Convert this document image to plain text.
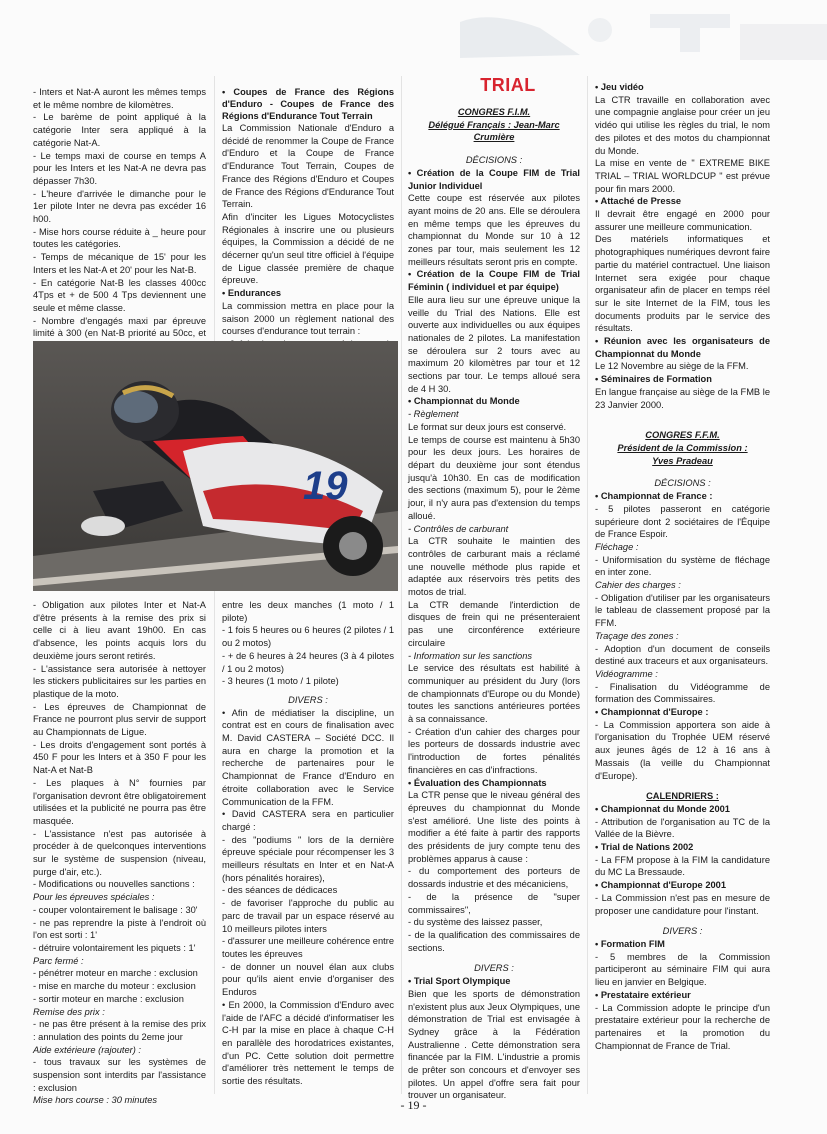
- Inters et Nat-A auront les mêmes temps et le même nombre de kilomètres.

- Le barème de point appliqué à la catégorie Inter sera appliqué à la catégorie Nat-A.

- Le temps maxi de course en temps A pour les Inters et les Nat-A ne devra pas dépasser 7h30.

- L'heure d'arrivée le dimanche pour le 1er pilote Inter ne devra pas excéder 16 h00.

- Mise hors course réduite à _ heure pour toutes les catégories.

- Temps de mécanique de 15' pour les Inters et les Nat-A et 20' pour les Nat-B.

- En catégorie Nat-B les classes 400cc 4Tps et + de 500 4 Tps deviennent une seule et même classe.

- Nombre d'engagés maxi par épreuve limité à 300 (en Nat-B priorité au 50cc, et

• Coupes de France des Régions d'Enduro - Coupes de France des Régions d'Endurance Tout Terrain

La Commission Nationale d'Enduro a décidé de renommer la Coupe de France d'Enduro et la Coupe de France d'Endurance Tout Terrain, Coupes de France des Régions d'Enduro et Coupes de France des Régions d'Endurance Tout Terrain.

Afin d'inciter les Ligues Motocyclistes Régionales à inscrire une ou plusieurs équipes, la Commission a décidé de ne décerner qu'un seul titre officiel à l'équipe de Ligue classée première de chaque épreuve.

• Endurances

La commission mettra en place pour la saison 2000 un règlement national des courses d'endurance tout terrain :

19

- Obligation aux pilotes Inter et Nat-A d'être présents à la remise des prix si celle ci à lieu avant 19h00. En cas d'absence, les points acquis lors du deuxième jours seront retirés.

- L'assistance sera autorisée à nettoyer les stickers publicitaires sur les parties en plastique de la moto.

- Les épreuves de Championnat de France ne pourront plus servir de support au Championnats de Ligue.

- Les droits d'engagement sont portés à 450 F pour les Inters et à 350 F pour les Nat-A et Nat-B

- Les plaques à N° fournies par l'organisation devront être obligatoirement utilisées et la publicité ne pourra pas être masquée.

- L'assistance n'est pas autorisée à procéder à de quelconques interventions sur le système de suspension (niveau, purge d'air, etc.).

- Modifications ou nouvelles sanctions :

Pour les épreuves spéciales :

- couper volontairement le balisage : 30'

- ne pas reprendre la piste à l'endroit où l'on est sorti : 1'

- détruire volontairement les piquets : 1'

Parc fermé :

- pénétrer moteur en marche : exclusion

- mise en marche du moteur : exclusion

- sortir moteur en marche : exclusion

Remise des prix :

- ne pas être présent à la remise des prix : annulation des points du 2eme jour

Aide extérieure (rajouter) :

- tous travaux sur les systèmes de suspension sont interdits par l'assistance : exclusion

Mise hors course : 30 minutes

entre les deux manches (1 moto / 1 pilote)

- 1 fois 5 heures ou 6 heures (2 pilotes / 1 ou 2 motos)

- + de 6 heures à 24 heures (3 à 4 pilotes / 1 ou 2 motos)

- 3 heures (1 moto / 1 pilote)

DIVERS :

• Afin de médiatiser la discipline, un contrat est en cours de finalisation avec M. David CASTERA – Société DCC. Il aura en charge la promotion et la recherche de partenaires pour le Championnat de France d'Enduro en étroite collaboration avec le Service Communication de la FFM.

• David CASTERA sera en particulier chargé :

- des "podiums " lors de la dernière épreuve spéciale pour récompenser les 3 meilleurs résultats en Inter et en Nat-A (hors pénalités horaires),

- des séances de dédicaces

- de favoriser l'approche du public au parc de travail par un espace réservé au 10 meilleurs pilotes inters

- d'assurer une meilleure cohérence entre toutes les épreuves

- de donner un nouvel élan aux clubs pour qu'ils aient envie d'organiser des Enduros

• En 2000, la Commission d'Enduro avec l'aide de l'AFC a décidé d'informatiser les C-H par la mise en place à chaque C-H en parallèle des horodatrices existantes, d'un PC. Cette solution doit permettre d'améliorer très nettement le temps de sortie des résultats.

TRIAL

CONGRES F.I.M.

Délégué Français : Jean-Marc Crumière

DÉCISIONS :

• Création de la Coupe FIM de Trial Junior Individuel

Cette coupe est réservée aux pilotes ayant moins de 20 ans. Elle se déroulera en même temps que les épreuves du championnat du Monde sur 10 à 12 zones par tour, mais seulement les 12 meilleurs résultats seront pris en compte.

• Création de la Coupe FIM de Trial Féminin ( individuel et par équipe)

Elle aura lieu sur une épreuve unique la veille du Trial des Nations. Elle est ouverte aux individuelles ou aux équipes nationales de 2 pilotes. La manifestation se déroulera sur 2 tours avec au maximum 20 kilomètres par tour et 12 sections par tour. Le temps alloué sera de 4 H 30.

• Championnat du Monde

- Règlement

Le format sur deux jours est conservé.

Le temps de course est maintenu à 5h30 pour les deux jours. Les horaires de départ du deuxième jour sont étendus jusqu'à 10h30. En cas de modification des sections (maximum 5), pour le 2ème jour, il n'y aura pas d'extension du temps alloué.

- Contrôles de carburant

La CTR souhaite le maintien des contrôles de carburant mais a réclamé une nouvelle méthode plus rapide et adaptée aux réservoirs très petits des motos de trial.

La CTR demande l'interdiction de disques de frein qui ne présenteraient pas une circonférence extérieure circulaire

- Information sur les sanctions

Le service des résultats est habilité à communiquer au président du Jury (lors de championnats d'Europe ou du Monde) toutes les sanctions antérieures portées à sa connaissance.

- Création d'un cahier des charges pour les porteurs de dossards industrie avec l'introduction de fortes pénalités financières en cas d'infractions.

• Évaluation des Championnats

La CTR pense que le niveau général des épreuves du championnat du Monde s'est amélioré. Une liste des points à modifier a été faite à partir des rapports des présidents de jury compte tenu des problèmes apparus à cause :

- du comportement des porteurs de dossards industrie et des mécaniciens,

- de la présence de "super commissaires",

- du système des laissez passer,

- de la qualification des commissaires de sections.

DIVERS :

• Trial Sport Olympique

Bien que les sports de démonstration n'existent plus aux Jeux Olympiques, une démonstration de Trial est envisagée à Sydney grâce à la Fédération Australienne . Cette démonstration sera financée par la FIM. L'industrie a promis de prêter son concours et d'envoyer ses pilotes. Un appel d'offre sera fait pour trouver un organisateur.

• Jeu vidéo

La CTR travaille en collaboration avec une compagnie anglaise pour créer un jeu vidéo qui utilise les règles du trial, le nom des pilotes et des motos du championnat du Monde.

La mise en vente de " EXTREME BIKE TRIAL – TRIAL WORLDCUP " est prévue pour fin mars 2000.

• Attaché de Presse

Il devrait être engagé en 2000 pour assurer une meilleure communication.

Des matériels informatiques et photographiques numériques devront faire partie du matériel contractuel. Une liaison Internet sera exigée pour chaque organisateur afin de placer en temps réel sur le site Internet de la FIM, tous les documents produits par le service des résultats.

• Réunion avec les organisateurs de Championnat du Monde

Le 12 Novembre au siège de la FFM.

• Séminaires de Formation

En langue française au siège de la FMB le 23 Janvier 2000.

CONGRES F.F.M.

Président de la Commission :

Yves Pradeau

DÉCISIONS :

• Championnat de France :

- 5 pilotes passeront en catégorie supérieure dont 2 sociétaires de l'Équipe de France Espoir.

Fléchage :

- Uniformisation du système de fléchage en inter zone.

Cahier des charges :

- Obligation d'utiliser par les organisateurs le tableau de classement proposé par la FFM.

Traçage des zones :

- Adoption d'un document de conseils destiné aux traceurs et aux organisateurs.

Vidéogramme :

- Finalisation du Vidéogramme de formation des Commissaires.

• Championnat d'Europe :

- La Commission apportera son aide à l'organisation du Trophée UEM réservé aux jeunes âgés de 12 à 16 ans à Massais (la veille du Championnat d'Europe).

CALENDRIERS :

• Championnat du Monde 2001

- Attribution de l'organisation au TC de la Vallée de la Bièvre.

• Trial de Nations 2002

- La FFM propose à la FIM la candidature du MC La Bressaude.

• Championnat d'Europe 2001

- La Commission n'est pas en mesure de proposer une candidature pour l'instant.

DIVERS :

• Formation FIM

- 5 membres de la Commission participeront au séminaire FIM qui aura lieu en janvier en Belgique.

• Prestataire extérieur

- La Commission adopte le principe d'un prestataire extérieur pour la recherche de partenaires et la promotion du Championnat de France de Trial.

- 19 -
